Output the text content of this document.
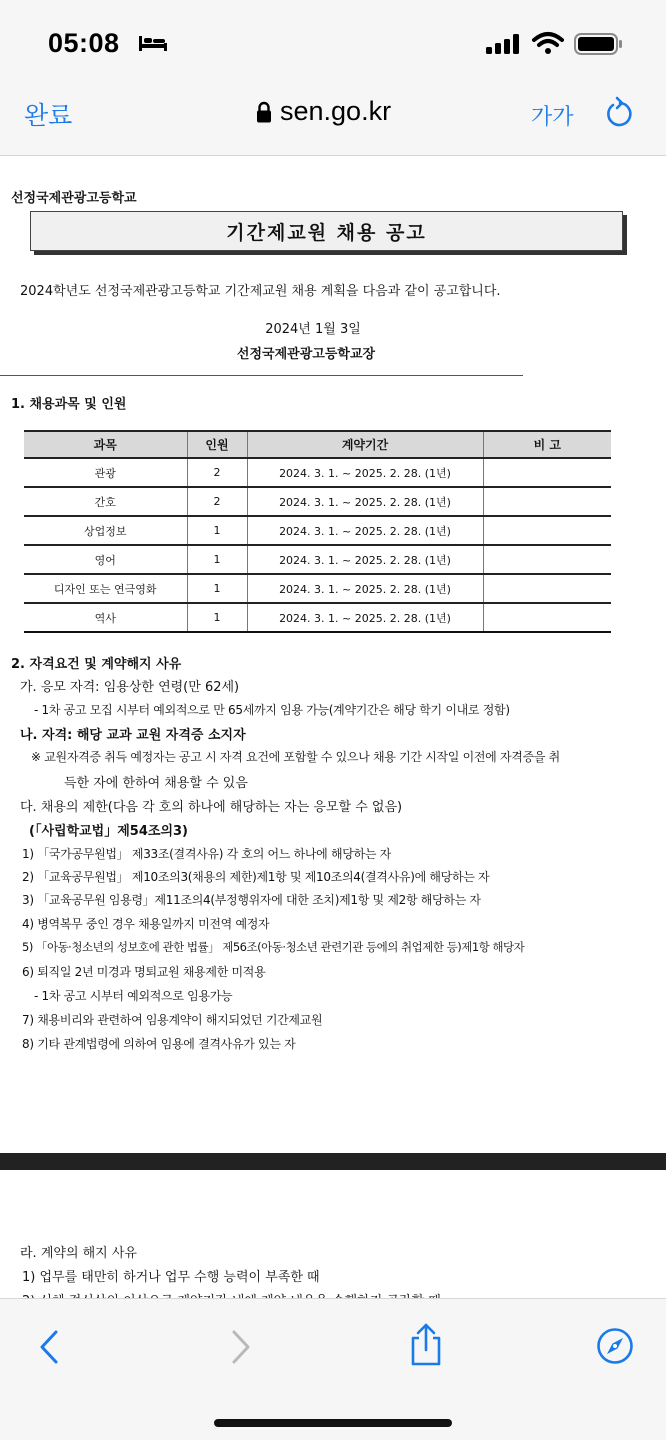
05:08
완료	sen.go.kr	가가
선정국제관광고등학교
기간제교원 채용 공고
2024학년도 선정국제관광고등학교 기간제교원 채용 계획을 다음과 같이 공고합니다.
2024년 1월 3일
선정국제관광고등학교장
1. 채용과목 및 인원
과목	인원	계약기간	비 고
관광	2	2024. 3. 1. ~ 2025. 2. 28. (1년)	
간호	2	2024. 3. 1. ~ 2025. 2. 28. (1년)	
상업정보	1	2024. 3. 1. ~ 2025. 2. 28. (1년)	
영어	1	2024. 3. 1. ~ 2025. 2. 28. (1년)	
디자인 또는 연극영화	1	2024. 3. 1. ~ 2025. 2. 28. (1년)	
역사	1	2024. 3. 1. ~ 2025. 2. 28. (1년)	
2. 자격요건 및 계약해지 사유
가. 응모 자격: 임용상한 연령(만 62세)
- 1차 공고 모집 시부터 예외적으로 만 65세까지 임용 가능(계약기간은 해당 학기 이내로 정함)
나. 자격: 해당 교과 교원 자격증 소지자
※ 교원자격증 취득 예정자는 공고 시 자격 요건에 포함할 수 있으나 채용 기간 시작일 이전에 자격증을 취
득한 자에 한하여 채용할 수 있음
다. 채용의 제한(다음 각 호의 하나에 해당하는 자는 응모할 수 없음)
(「사립학교법」제54조의3)
1) 「국가공무원법」 제33조(결격사유) 각 호의 어느 하나에 해당하는 자
2) 「교육공무원법」 제10조의3(채용의 제한)제1항 및 제10조의4(결격사유)에 해당하는 자
3) 「교육공무원 임용령」제11조의4(부정행위자에 대한 조치)제1항 및 제2항 해당하는 자
4) 병역복무 중인 경우 채용일까지 미전역 예정자
5) 「아동·청소년의 성보호에 관한 법률」 제56조(아동·청소년 관련기관 등에의 취업제한 등)제1항 해당자
6) 퇴직일 2년 미경과 명퇴교원 채용제한 미적용
- 1차 공고 시부터 예외적으로 임용가능
7) 채용비리와 관련하여 임용계약이 해지되었던 기간제교원
8) 기타 관계법령에 의하여 임용에 결격사유가 있는 자
라. 계약의 해지 사유
1) 업무를 태만히 하거나 업무 수행 능력이 부족한 때
